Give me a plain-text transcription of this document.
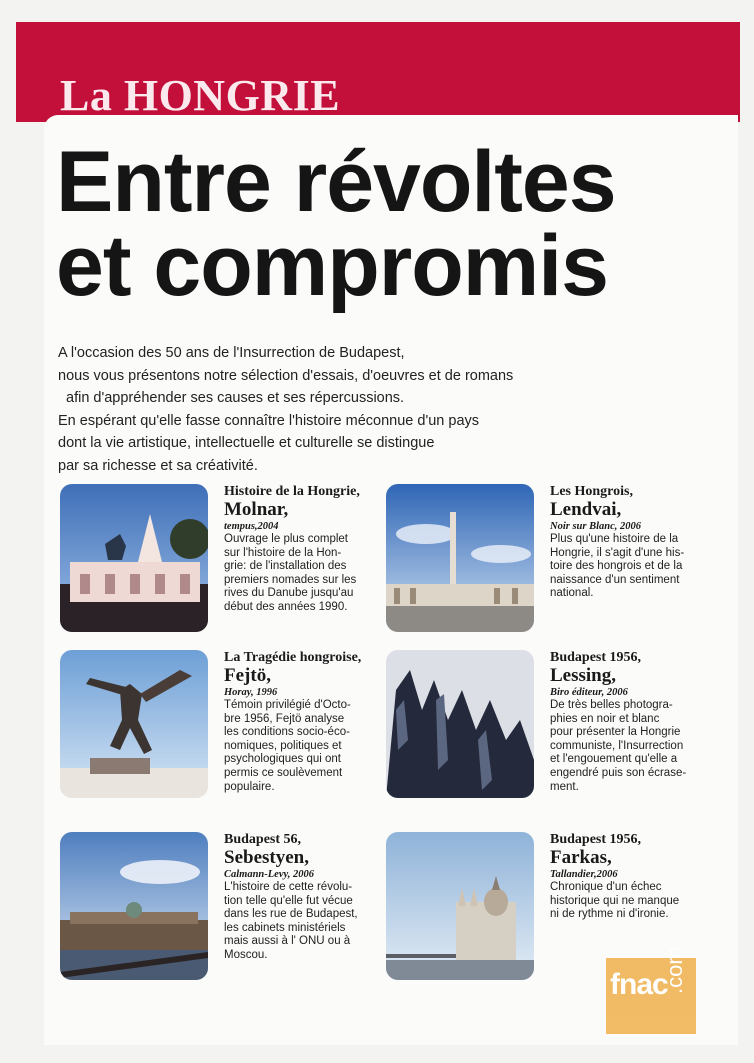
La HONGRIE
Entre révoltes
et compromis

A l'occasion des 50 ans de l'Insurrection de Budapest,
nous vous présentons notre sélection d'essais, d'oeuvres et de romans
afin d'appréhender ses causes et ses répercussions.
En espérant qu'elle fasse connaître l'histoire méconnue d'un pays
dont la vie artistique, intellectuelle et culturelle se distingue
par sa richesse et sa créativité.

Histoire de la Hongrie,

Molnar,

tempus,2004

Ouvrage le plus complet
sur l'histoire de la Hon-
grie: de l'installation des
premiers nomades sur les
rives du Danube jusqu'au
début des années 1990.

Les Hongrois,

Lendvai,

Noir sur Blanc, 2006

Plus qu'une histoire de la
Hongrie, il s'agit d'une his-
toire des hongrois et de la
naissance d'un sentiment
national.

La Tragédie hongroise,

Fejtö,

Horay, 1996

Témoin privilégié d'Octo-
bre 1956, Fejtö analyse
les conditions socio-éco-
nomiques, politiques et
psychologiques qui ont
permis ce soulèvement
populaire.

Budapest 1956,

Lessing,

Biro éditeur, 2006

De très belles photogra-
phies en noir et blanc
pour présenter la Hongrie
communiste, l'Insurrection
et l'engouement qu'elle a
engendré puis son écrase-
ment.

Budapest 56,

Sebestyen,

Calmann-Levy, 2006

L'histoire de cette révolu-
tion telle qu'elle fut vécue
dans les rue de Budapest,
les cabinets ministériels
mais aussi à l' ONU ou à
Moscou.

Budapest 1956,

Farkas,

Tallandier,2006

Chronique d'un échec
historique qui ne manque
ni de rythme ni d'ironie.

fnac
.com
